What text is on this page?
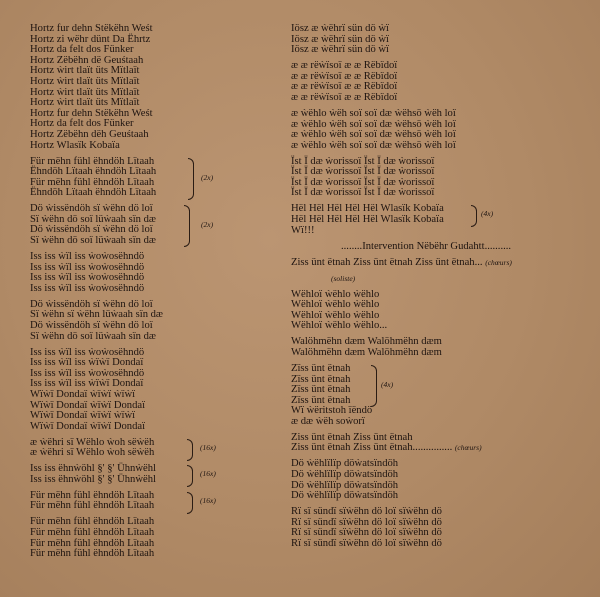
Hortz fur dehn Stëkëhn Weśt
Hortz zi wëhr dünt Da Ëhrtz
Hortz da felt dos Fünker
Hortz Zëbëhn dë Geuśtaah
Hortz ẁirt tlaït üts Mïtlaït
Hortz ẁirt tlaït üts Mïtlaït
Hortz ẁirt tlaït üts Mïtlaït
Hortz ẁirt tlaït üts Mïtlaït
Hortz fur dehn Stëkëhn Weśt
Hortz da felt dos Fünker
Hortz Zëbëhn dëh Geuśtaah
Hortz Wlasïk Kobaïa
Für mëhn fühl ëhndöh Lïtaah
Ëhndöh Lïtaah ëhndöh Lïtaah
Für mëhn fühl ëhndöh Lïtaah
Ëhndöh Lïtaah ëhndöh Lïtaah
(2x)
Dö ẁissëndöh sï ẁëhn dö loï
Sï ẁëhn dö soï lüẁaah sïn dæ
Dö ẁissëndöh sï ẁëhn dö loï
Sï ẁëhn dö soï lüẁaah sïn dæ
(2x)
Iss iss ẁïl iss ẁoẁosëhndö
Iss iss ẁïl iss ẁoẁosëhndö
Iss iss ẁïl iss ẁoẁosëhndö
Iss iss ẁïl iss ẁoẁosëhndö
Dö ẁissëndöh sï ẁëhn dö loï
Sï ẁëhn sï ẁëhn lüẁaah sïn dæ
Dö ẁissëndöh sï ẁëhn dö loï
Sï ẁëhn dö soï lüẁaah sïn dæ
Iss iss ẁïl iss ẁoẁosëhndö
Iss iss ẁïl iss ẁïẁï Dondaï
Iss iss ẁïl iss ẁoẁosëhndö
Iss iss ẁïl iss ẁïẁï Dondaï
Wïẁï Dondaï ẁïẁï ẁïẁï
Wïẁï Dondaï ẁïẁï Dondaï
Wïẁï Dondaï ẁïẁï ẁïẁï
Wïẁï Dondaï ẁïẁï Dondaï
ӕ ẁëhri sï Wëhlo ẁoh sëẁëh
ӕ ẁëhri sï Wëhlo ẁoh sëẁëh
(16x)
Iss iss ëhnẁöhl §' §' Ühnẁëhl
Iss iss ëhnẁöhl §' §' Ühnẁëhl
(16x)
Für mëhn fühl ëhndöh Lïtaah
Für mëhn fühl ëhndöh Lïtaah
(16x)
Für mëhn fühl ëhndöh Lïtaah
Für mëhn fühl ëhndöh Lïtaah
Für mëhn fühl ëhndöh Lïtaah
Für mëhn fühl ëhndöh Lïtaah
Iösz ӕ ẁëhrï sün dö ẁï
Iösz ӕ ẁëhrï sün dö ẁï
Iösz ӕ ẁëhrï sün dö ẁï
ӕ ӕ rëẁïsoï ӕ ӕ Rëbïdoï
ӕ ӕ rëẁïsoï ӕ ӕ Rëbïdoï
ӕ ӕ rëẁïsoï ӕ ӕ Rëbïdoï
ӕ ӕ rëẁïsoï ӕ ӕ Rëbïdoï
ӕ ẁëhlo ẁëh soï soï dӕ ẁëhsö ẁëh loï
ӕ ẁëhlo ẁëh soï soï dӕ ẁëhsö ẁëh loï
ӕ ẁëhlo ẁëh soï soï dӕ ẁëhsö ẁëh loï
ӕ ẁëhlo ẁëh soï soï dӕ ẁëhsö ẁëh loï
Ïst Ï dӕ ẁorissoï Ïst Ï dӕ ẁorissoï
Ïst Ï dӕ ẁorissoï Ïst Ï dӕ ẁorissoï
Ïst Ï dӕ ẁorissoï Ïst Ï dӕ ẁorissoï
Ïst Ï dӕ ẁorissoï Ïst Ï dӕ ẁorissoï
Hël Hël Hël Hël Hël Wlasïk Kobaïa
Hël Hël Hël Hël Hël Wlasïk Kobaïa
Wï!!!
(4x)
........Intervention Nëbëhr Gudahtt..........
Ziss ünt ëtnah Ziss ünt ëtnah Ziss ünt ëtnah... (chœurs)
(soliste)
Wëhloï ẁëhlo ẁëhlo
Wëhloï ẁëhlo ẁëhlo
Wëhloï ẁëhlo ẁëhlo
Wëhloï ẁëhlo ẁëhlo...
Walöhmëhn dӕm Walöhmëhn dӕm
Walöhmëhn dӕm Walöhmëhn dӕm
Zïss ünt ëtnah
Zïss ünt ëtnah
Zïss ünt ëtnah
Zïss ünt ëtnah
Wï ẁëritstoh ïëndö
ӕ dӕ ẁëh soẁorï
(4x)
Ziss ünt ëtnah Ziss ünt ëtnah
Ziss ünt ëtnah Ziss ünt ëtnah............... (chœurs)
Dö ẁëhlïlïp döẁatsïndöh
Dö ẁëhlïlïp döẁatsïndöh
Dö ẁëhlïlïp döẁatsïndöh
Dö ẁëhlïlïp döẁatsïndöh
Rï sï sündï sïẁëhn dö loï sïẁëhn dö
Rï sï sündï sïẁëhn dö loï sïẁëhn dö
Rï sï sündï sïẁëhn dö loï sïẁëhn dö
Rï sï sündï sïẁëhn dö loï sïẁëhn dö
